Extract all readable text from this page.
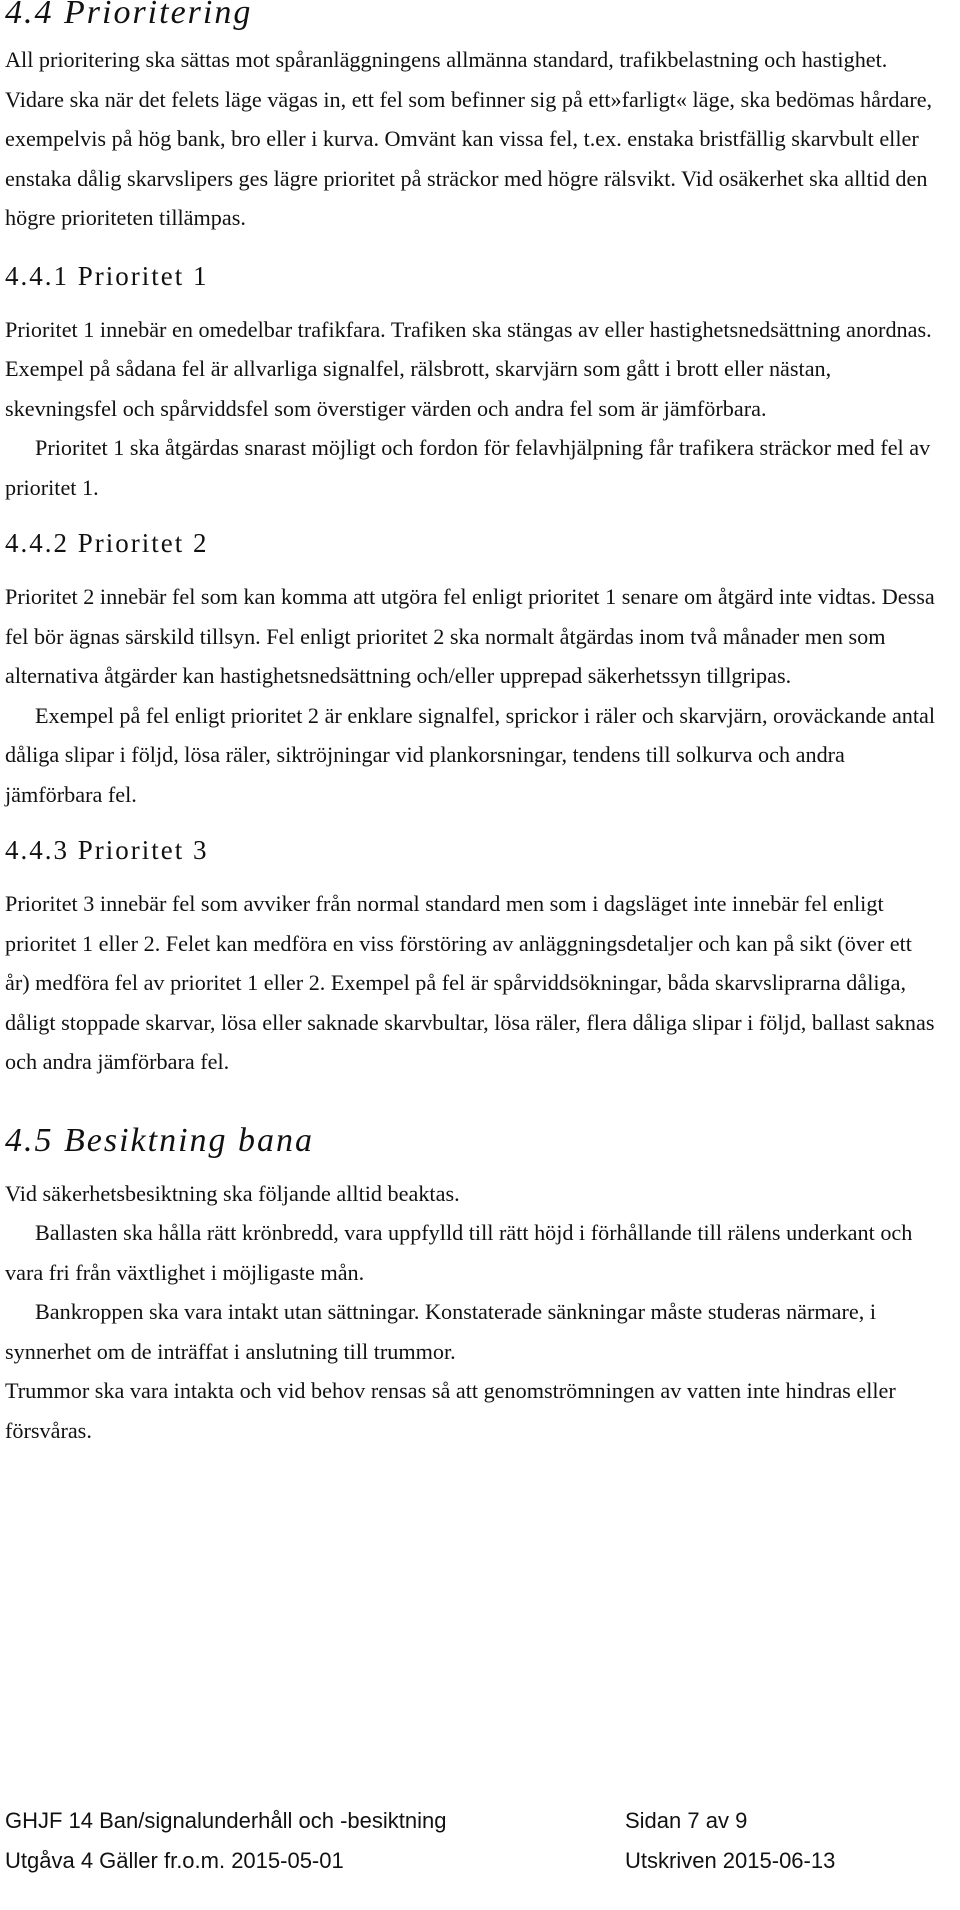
4.4 Prioritering

All prioritering ska sättas mot spåranläggningens allmänna standard, trafikbelastning och hastighet. Vidare ska när det felets läge vägas in, ett fel som befinner sig på ett»farligt« läge, ska bedömas hårdare, exempelvis på hög bank, bro eller i kurva. Omvänt kan vissa fel, t.ex. enstaka bristfällig skarvbult eller enstaka dålig skarvslipers ges lägre prioritet på sträckor med högre rälsvikt. Vid osäkerhet ska alltid den högre prioriteten tillämpas.

4.4.1 Prioritet 1

Prioritet 1 innebär en omedelbar trafikfara. Trafiken ska stängas av eller hastighetsnedsättning anordnas. Exempel på sådana fel är allvarliga signalfel, rälsbrott, skarvjärn som gått i brott eller nästan, skevningsfel och spårviddsfel som överstiger värden och andra fel som är jämförbara.

Prioritet 1 ska åtgärdas snarast möjligt och fordon för felavhjälpning får trafikera sträckor med fel av prioritet 1.

4.4.2 Prioritet 2

Prioritet 2 innebär fel som kan komma att utgöra fel enligt prioritet 1 senare om åtgärd inte vidtas. Dessa fel bör ägnas särskild tillsyn. Fel enligt prioritet 2 ska normalt åtgärdas inom två månader men som alternativa åtgärder kan hastighetsnedsättning och/eller upprepad säkerhetssyn tillgripas.

Exempel på fel enligt prioritet 2 är enklare signalfel, sprickor i räler och skarvjärn, oroväckande antal dåliga slipar i följd, lösa räler, siktröjningar vid plankorsningar, tendens till solkurva och andra jämförbara fel.

4.4.3 Prioritet 3

Prioritet 3 innebär fel som avviker från normal standard men som i dagsläget inte innebär fel enligt prioritet 1 eller 2. Felet kan medföra en viss förstöring av anläggningsdetaljer och kan på sikt (över ett år) medföra fel av prioritet 1 eller 2. Exempel på fel är spårviddsökningar, båda skarvsliprarna dåliga, dåligt stoppade skarvar, lösa eller saknade skarvbultar, lösa räler, flera dåliga slipar i följd, ballast saknas och andra jämförbara fel.

4.5 Besiktning bana

Vid säkerhetsbesiktning ska följande alltid beaktas.

Ballasten ska hålla rätt krönbredd, vara uppfylld till rätt höjd i förhållande till rälens underkant och vara fri från växtlighet i möjligaste mån.

Bankroppen ska vara intakt utan sättningar. Konstaterade sänkningar måste studeras närmare, i synnerhet om de inträffat i anslutning till trummor.

Trummor ska vara intakta och vid behov rensas så att genomströmningen av vatten inte hindras eller försvåras.

GHJF 14 Ban/signalunderhåll och -besiktning	Sidan 7 av 9
Utgåva 4 Gäller fr.o.m. 2015-05-01	Utskriven 2015-06-13
